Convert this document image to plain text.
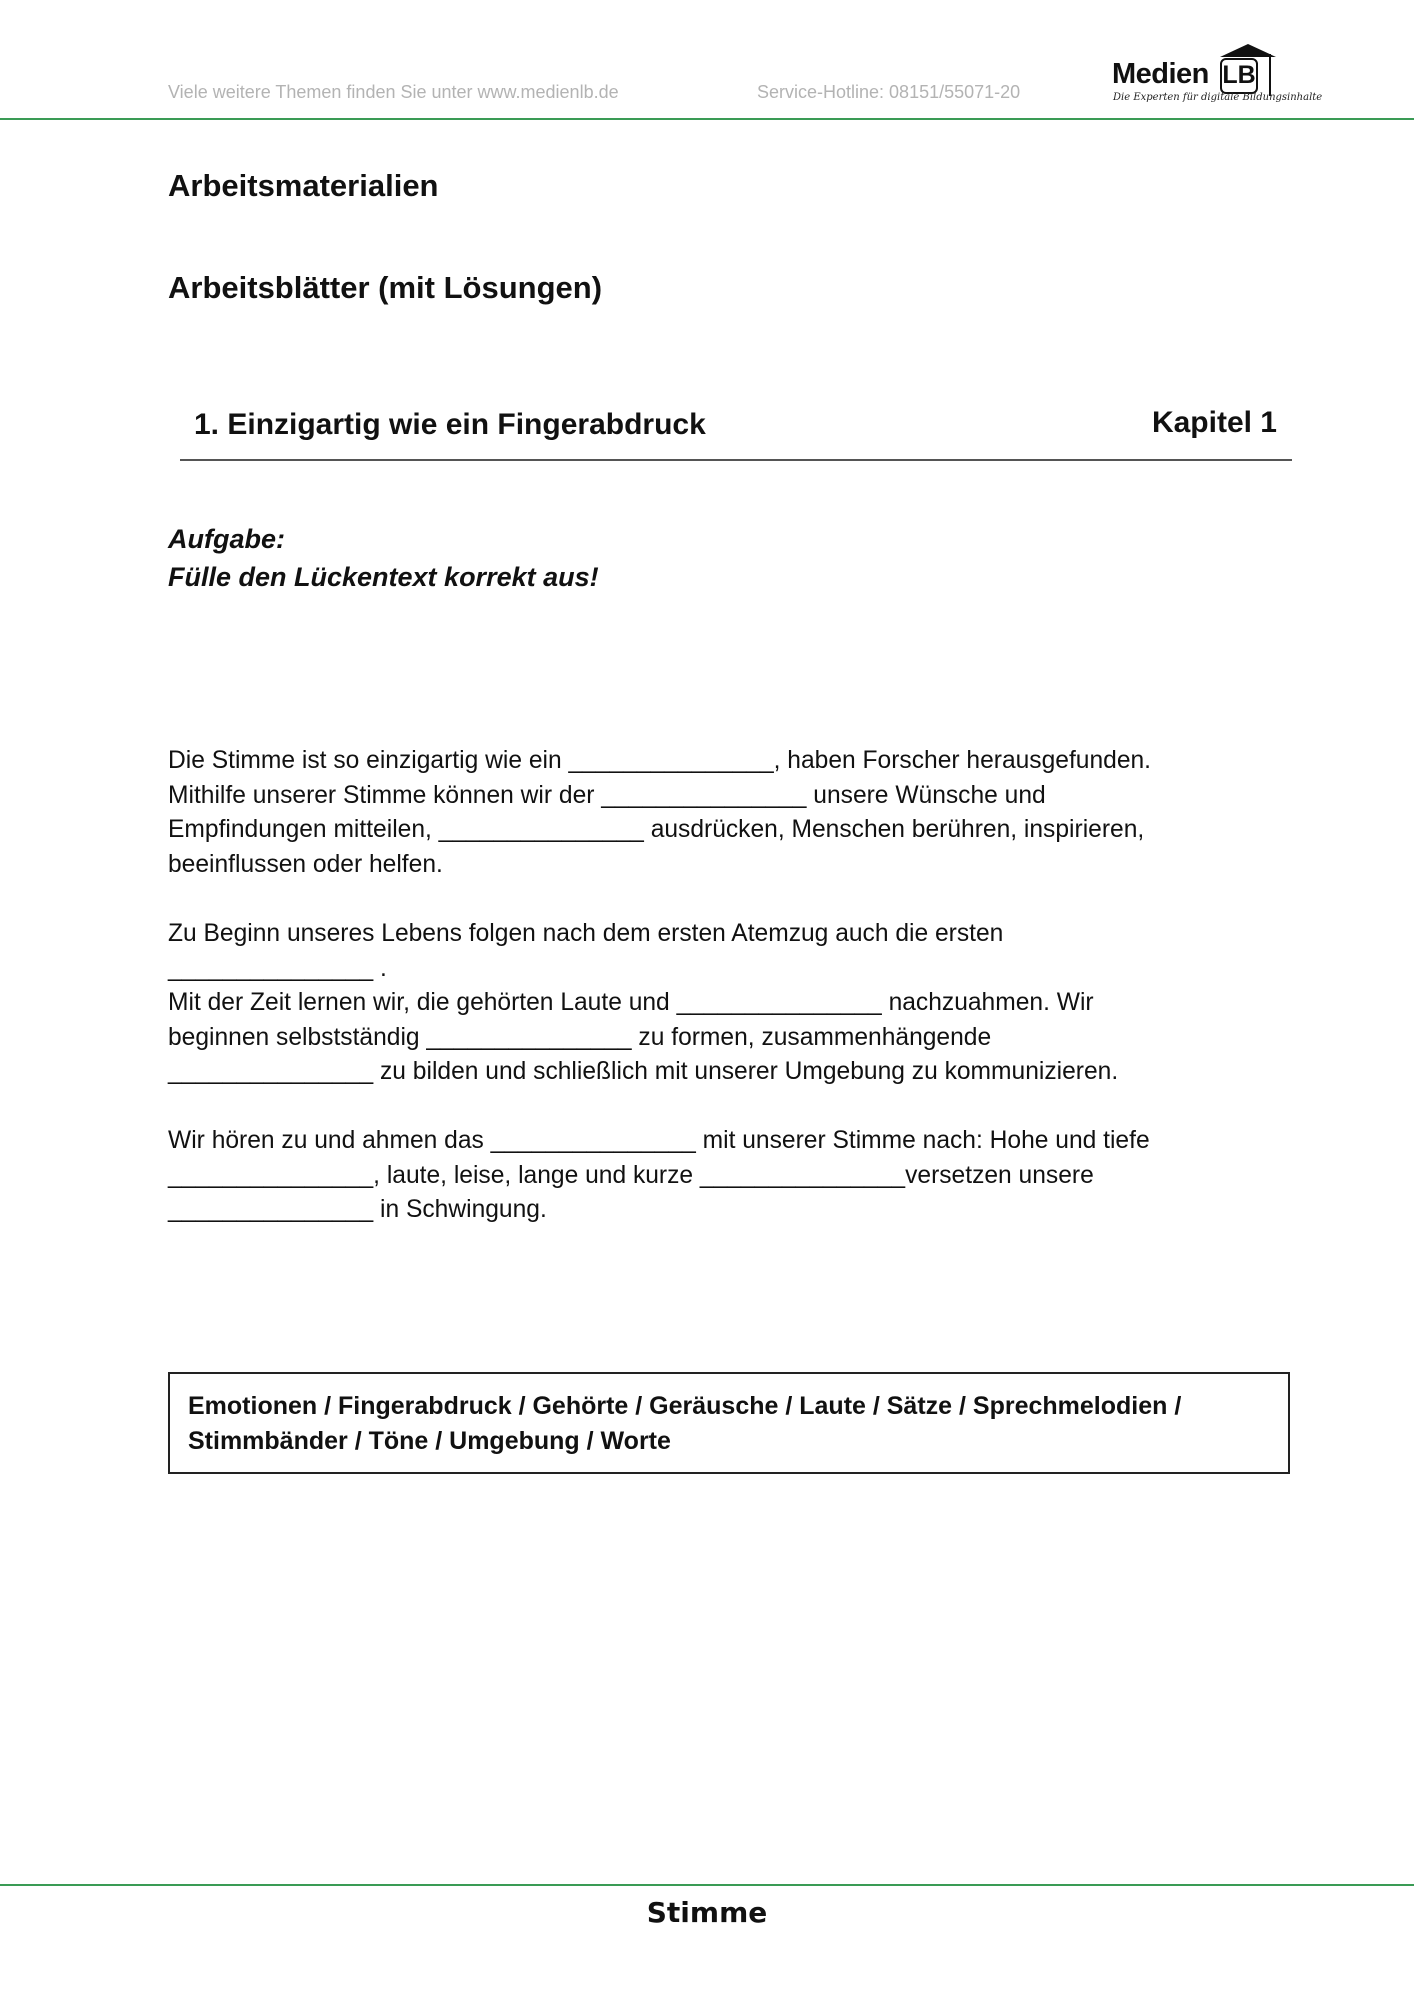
Viele weitere Themen finden Sie unter www.medienlb.de	Service-Hotline: 08151/55071-20
Medien LB
Die Experten für digitale Bildungsinhalte
Arbeitsmaterialien
Arbeitsblätter (mit Lösungen)
1. Einzigartig wie ein Fingerabdruck	Kapitel 1
Aufgabe:
Fülle den Lückentext korrekt aus!
Die Stimme ist so einzigartig wie ein _______________, haben Forscher herausgefunden.
Mithilfe unserer Stimme können wir der _______________ unsere Wünsche und
Empfindungen mitteilen, _______________ ausdrücken, Menschen berühren, inspirieren,
beeinflussen oder helfen.
Zu Beginn unseres Lebens folgen nach dem ersten Atemzug auch die ersten
_______________ .
Mit der Zeit lernen wir, die gehörten Laute und _______________ nachzuahmen. Wir
beginnen selbstständig _______________ zu formen, zusammenhängende
_______________ zu bilden und schließlich mit unserer Umgebung zu kommunizieren.
Wir hören zu und ahmen das _______________ mit unserer Stimme nach: Hohe und tiefe
_______________, laute, leise, lange und kurze _______________versetzen unsere
_______________ in Schwingung.
Emotionen / Fingerabdruck / Gehörte / Geräusche / Laute / Sätze / Sprechmelodien /
Stimmbänder / Töne / Umgebung / Worte
Stimme
